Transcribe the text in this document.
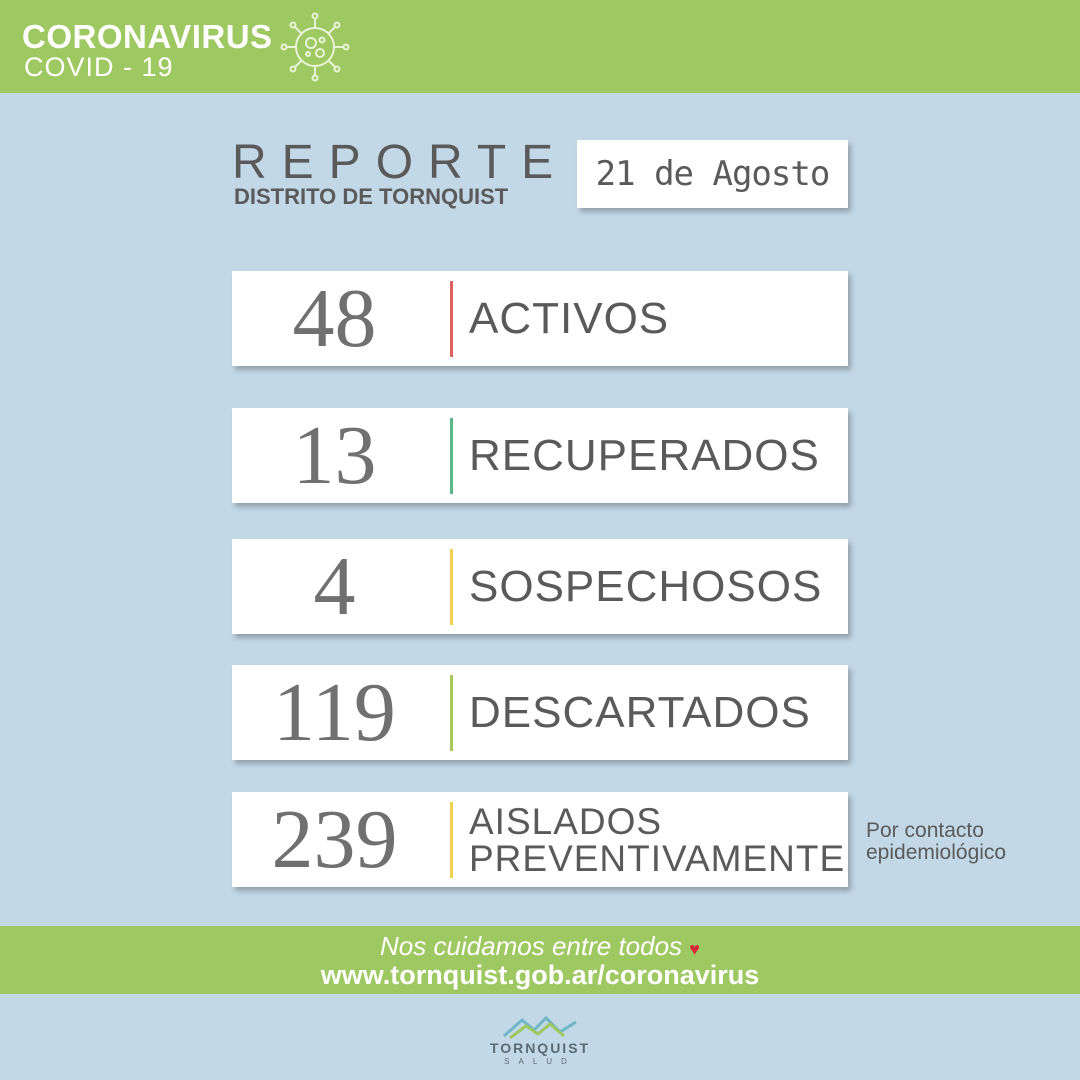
CORONAVIRUS
COVID - 19
REPORTE
DISTRITO DE TORNQUIST
21 de Agosto
48	ACTIVOS
13	RECUPERADOS
4	SOSPECHOSOS
119	DESCARTADOS
239	AISLADOS
PREVENTIVAMENTE
Por contacto
epidemiológico
Nos cuidamos entre todos ♥
www.tornquist.gob.ar/coronavirus
TORNQUIST
SALUD
